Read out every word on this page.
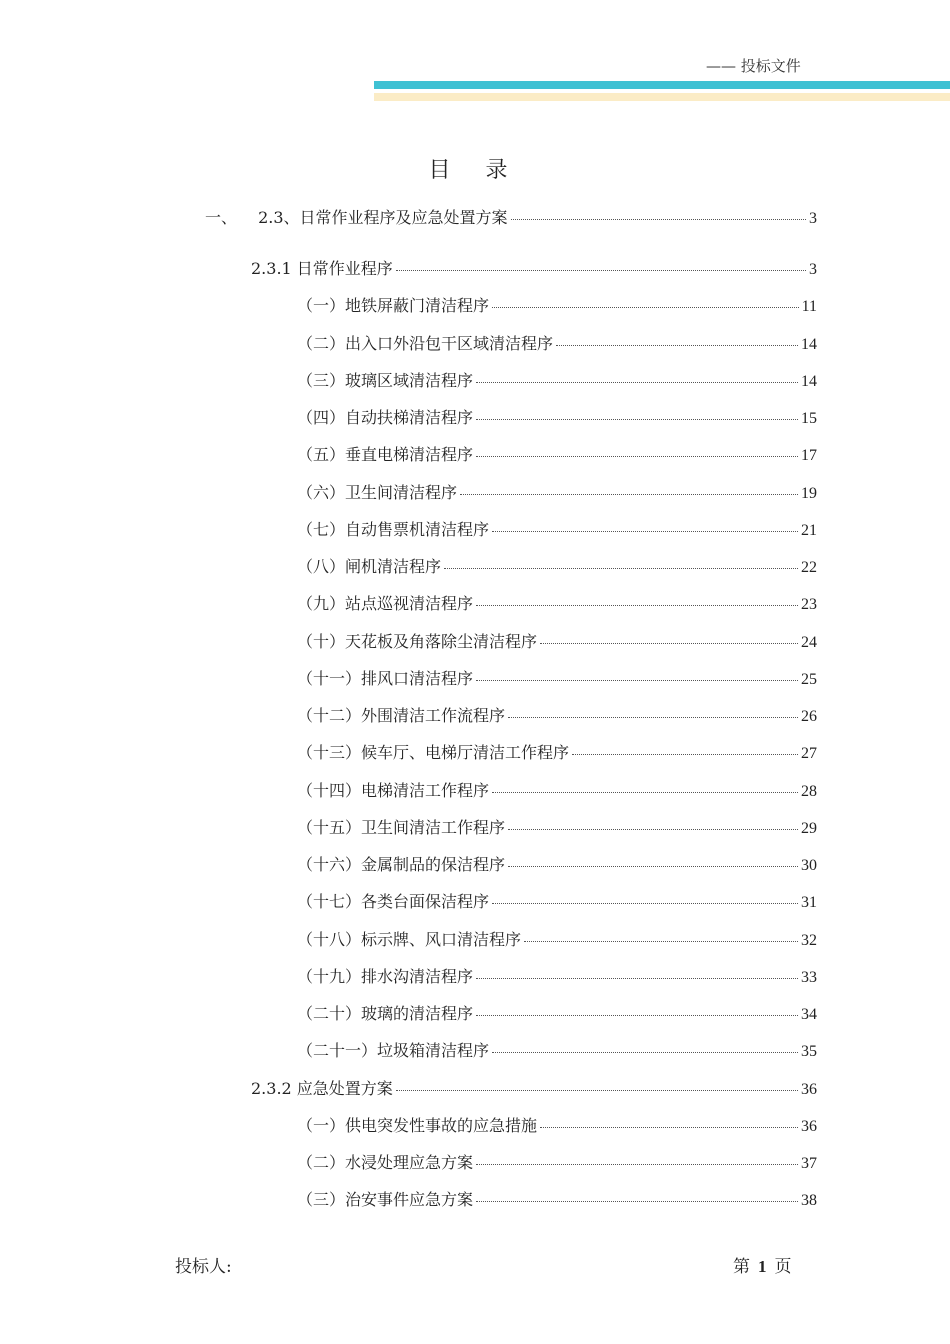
—— 投标文件
目 录
一、 2.3、日常作业程序及应急处置方案	3
2.3.1 日常作业程序	3
（一）地铁屏蔽门清洁程序	11
（二）出入口外沿包干区域清洁程序	14
（三）玻璃区域清洁程序	14
（四）自动扶梯清洁程序	15
（五）垂直电梯清洁程序	17
（六）卫生间清洁程序	19
（七）自动售票机清洁程序	21
（八）闸机清洁程序	22
（九）站点巡视清洁程序	23
（十）天花板及角落除尘清洁程序	24
（十一）排风口清洁程序	25
（十二）外围清洁工作流程序	26
（十三）候车厅、电梯厅清洁工作程序	27
（十四）电梯清洁工作程序	28
（十五）卫生间清洁工作程序	29
（十六）金属制品的保洁程序	30
（十七）各类台面保洁程序	31
（十八）标示牌、风口清洁程序	32
（十九）排水沟清洁程序	33
（二十）玻璃的清洁程序	34
（二十一）垃圾箱清洁程序	35
2.3.2 应急处置方案	36
（一）供电突发性事故的应急措施	36
（二）水浸处理应急方案	37
（三）治安事件应急方案	38
投标人:	第 1 页
